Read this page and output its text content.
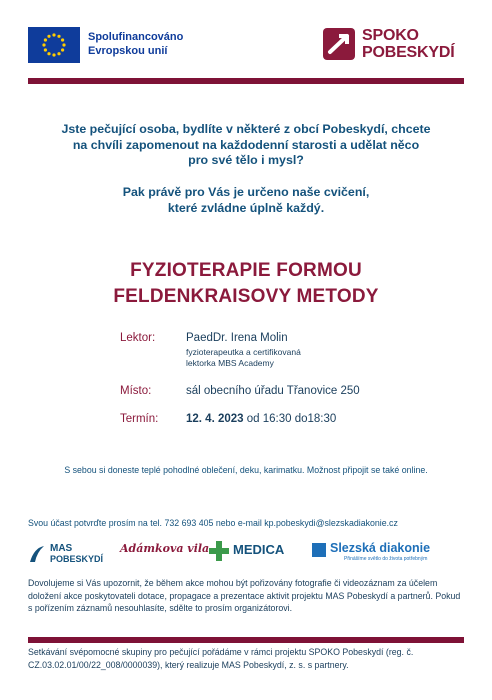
Spolufinancováno
Evropskou unií
SPOKO
POBESKYDÍ
Jste pečující osoba, bydlíte v některé z obcí Pobeskydí, chcete
na chvíli zapomenout na každodenní starosti a udělat něco
pro své tělo i mysl?
Pak právě pro Vás je určeno naše cvičení,
které zvládne úplně každý.
FYZIOTERAPIE FORMOU
FELDENKRAISOVY METODY
Lektor:	PaedDr. Irena Molin
fyzioterapeutka a certifikovaná
lektorka MBS Academy
Místo:	sál obecního úřadu Třanovice 250
Termín: 12. 4. 2023 od 16:30 do18:30
S sebou si doneste teplé pohodlné oblečení, deku, karimatku. Možnost připojit se také online.
Svou účast potvrďte prosím na tel. 732 693 405 nebo e-mail kp.pobeskydi@slezskadiakonie.cz
MAS
POBESKYDÍ
Adámkova vila MEDICA	Slezská diakonie
Přinášíme světlo do života potřebným
Dovolujeme si Vás upozornit, že během akce mohou být pořizovány fotografie či videozáznam za účelem doložení akce poskytovateli dotace, propagace a prezentace aktivit projektu MAS Pobeskydí a partnerů. Pokud s pořízením záznamů nesouhlasíte, sdělte to prosím organizátorovi.
Setkávání svépomocné skupiny pro pečující pořádáme v rámci projektu SPOKO Pobeskydí (reg. č. CZ.03.02.01/00/22_008/0000039), který realizuje MAS Pobeskydí, z. s. s partnery.
